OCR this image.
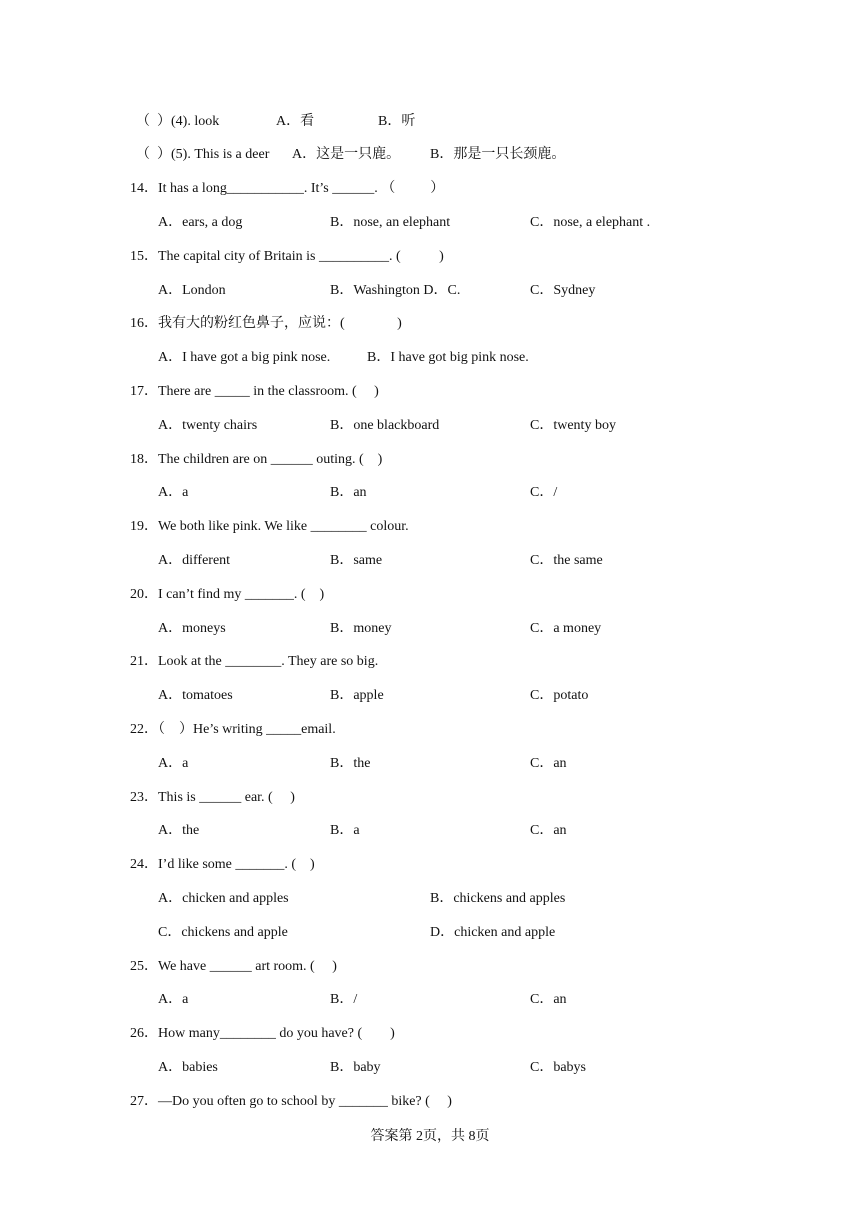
（  ）(4). look

	A．看

	B．听

（  ）(5). This is a deer

A．这是一只鹿。

B．那是一只长颈鹿。

14．It has a long___________. It’s ______. （          ）

A．ears, a dog

	B．nose, an elephant

	C．nose, a elephant .

15．The capital city of Britain is __________. (           )

A．London

	B．Washington D．C.

	C．Sydney

16．我有大的粉红色鼻子，应说：(               )

A．I have got a big pink nose.

	B．I have got big pink nose.

17．There are _____ in the classroom. (     )

A．twenty chairs

	B．one blackboard

	C．twenty boy

18．The children are on ______ outing. (    )

A．a

	B．an

	C．/

19．We both like pink. We like ________ colour.

A．different

	B．same

	C．the same

20．I can’t find my _______. (    )

A．moneys

	B．money

	C．a money

21．Look at the ________. They are so big.

A．tomatoes

	B．apple

	C．potato

22．（    ）He’s writing _____email.

A．a

	B．the

	C．an

23．This is ______ ear. (     )

A．the

	B．a

	C．an

24．I’d like some _______. (    )

A．chicken and apples

	B．chickens and apples

C．chickens and apple

	D．chicken and apple

25．We have ______ art room. (     )

A．a

	B．/

	C．an

26．How many________ do you have? (        )

A．babies

	B．baby

	C．babys

27．—Do you often go to school by _______ bike? (     )

答案第 2页，共 8页
